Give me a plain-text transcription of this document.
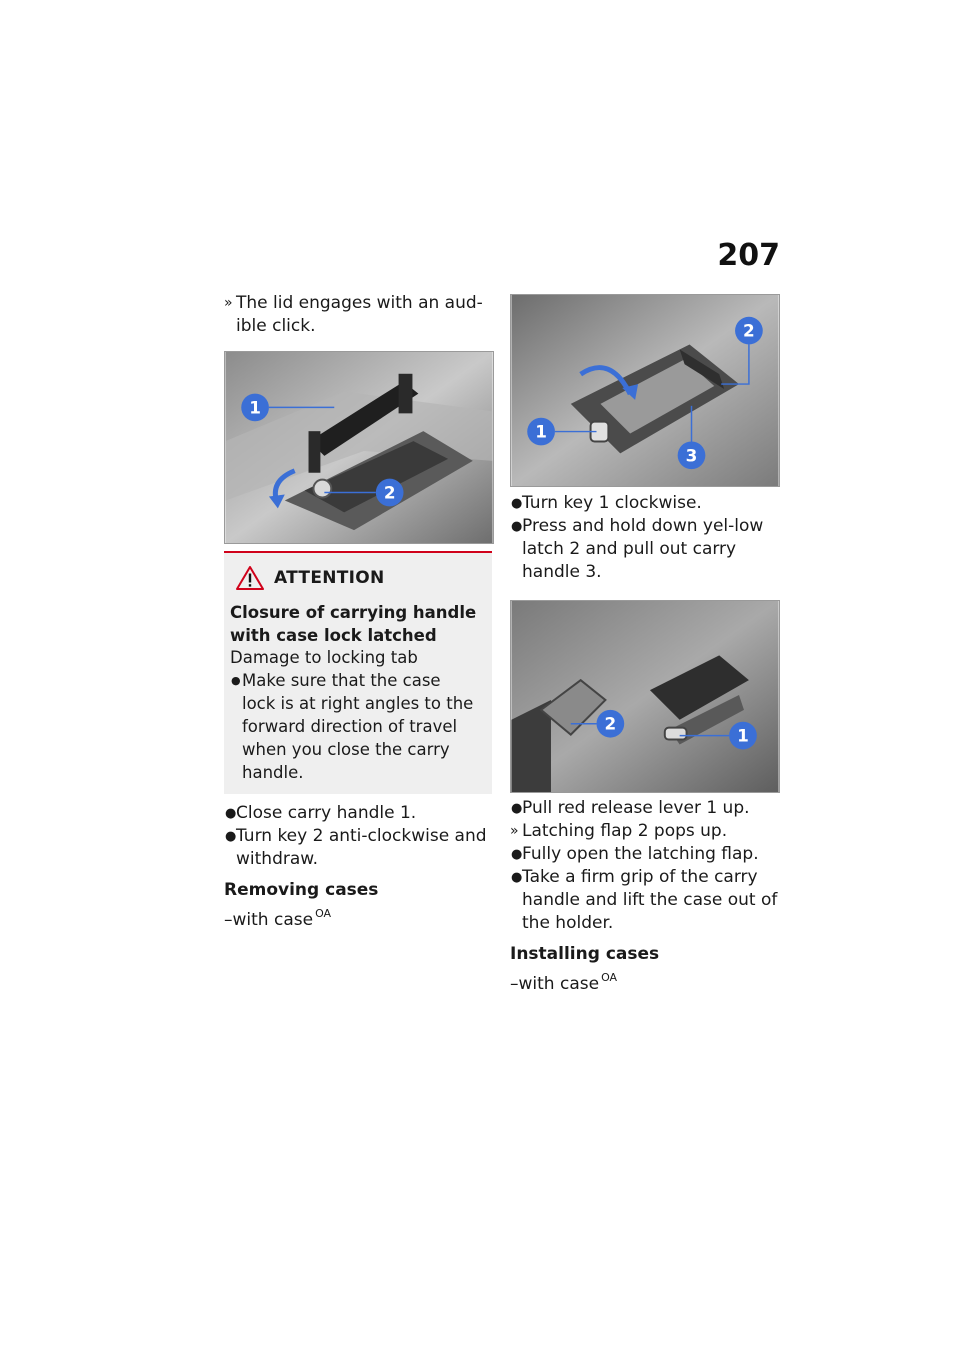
207

» The lid engages with an aud-ible click.

1
2
ATTENTION
Closure of carrying handle with case lock latched
Damage to locking tab
● Make sure that the case lock is at right angles to the forward direction of travel when you close the carry handle.

● Close carry handle 1.

● Turn key 2 anti-clockwise and withdraw.

Removing cases
–with case $^{OA}$
1
2
3

● Turn key 1 clockwise.

● Press and hold down yel-low latch 2 and pull out carry handle 3.

2
1

● Pull red release lever 1 up.

» Latching flap 2 pops up.

● Fully open the latching flap.

● Take a firm grip of the carry handle and lift the case out of the holder.

Installing cases
–with case $^{OA}$
